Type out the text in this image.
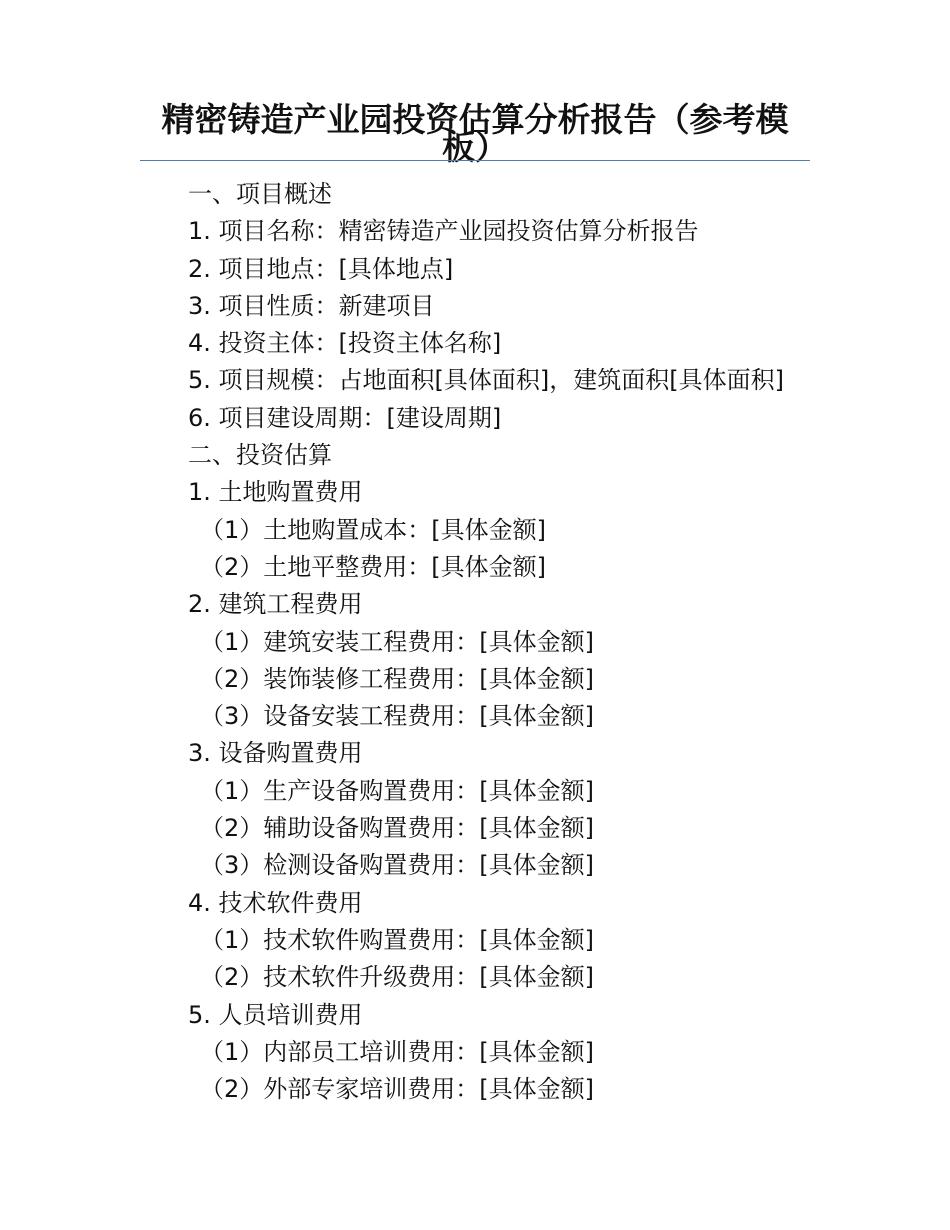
精密铸造产业园投资估算分析报告（参考模板）
一、项目概述
1. 项目名称：精密铸造产业园投资估算分析报告
2. 项目地点：[具体地点]
3. 项目性质：新建项目
4. 投资主体：[投资主体名称]
5. 项目规模：占地面积[具体面积]，建筑面积[具体面积]
6. 项目建设周期：[建设周期]
二、投资估算
1. 土地购置费用
（1）土地购置成本：[具体金额]
（2）土地平整费用：[具体金额]
2. 建筑工程费用
（1）建筑安装工程费用：[具体金额]
（2）装饰装修工程费用：[具体金额]
（3）设备安装工程费用：[具体金额]
3. 设备购置费用
（1）生产设备购置费用：[具体金额]
（2）辅助设备购置费用：[具体金额]
（3）检测设备购置费用：[具体金额]
4. 技术软件费用
（1）技术软件购置费用：[具体金额]
（2）技术软件升级费用：[具体金额]
5. 人员培训费用
（1）内部员工培训费用：[具体金额]
（2）外部专家培训费用：[具体金额]
